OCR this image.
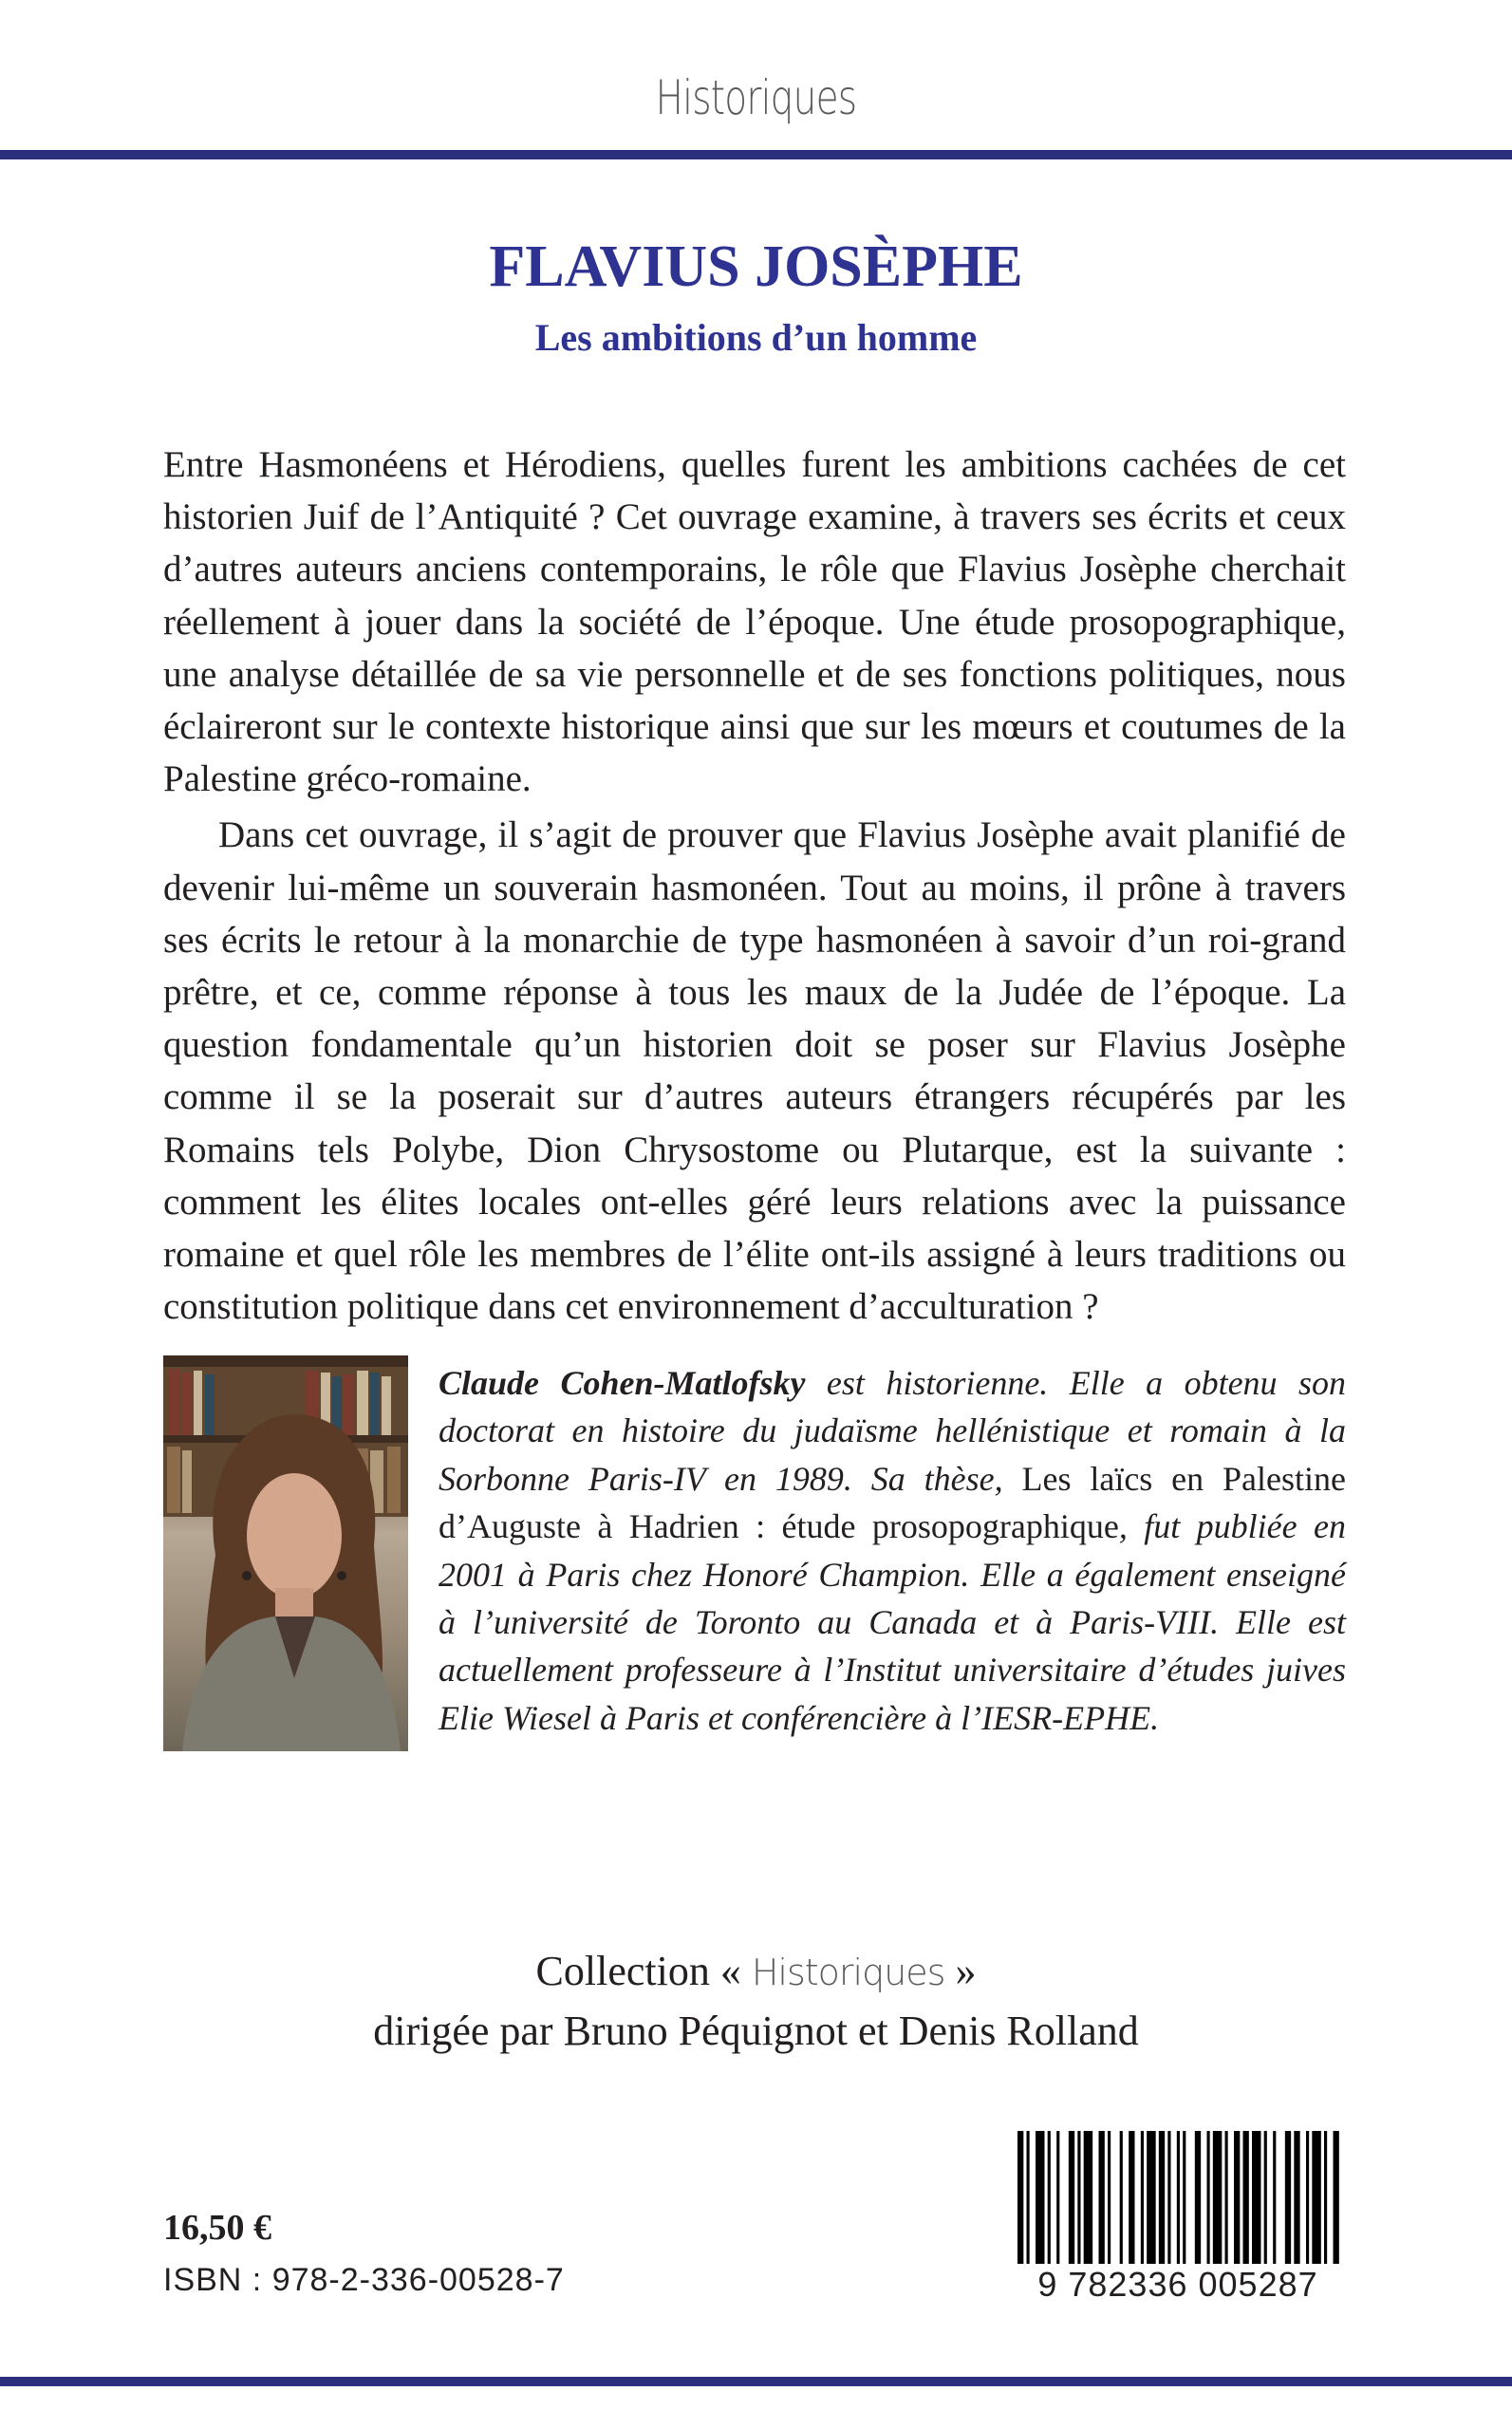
Historiques
FLAVIUS JOSÈPHE
Les ambitions d’un homme

Entre Hasmonéens et Hérodiens, quelles furent les ambitions cachées de cet historien Juif de l’Antiquité ? Cet ouvrage examine, à travers ses écrits et ceux d’autres auteurs anciens contemporains, le rôle que Flavius Josèphe cherchait réellement à jouer dans la société de l’époque. Une étude prosopographique, une analyse détaillée de sa vie personnelle et de ses fonctions politiques, nous éclaireront sur le contexte historique ainsi que sur les mœurs et coutumes de la Palestine gréco-romaine.

Dans cet ouvrage, il s’agit de prouver que Flavius Josèphe avait planifié de devenir lui-même un souverain hasmonéen. Tout au moins, il prône à travers ses écrits le retour à la monarchie de type hasmonéen à savoir d’un roi-grand prêtre, et ce, comme réponse à tous les maux de la Judée de l’époque. La question fondamentale qu’un historien doit se poser sur Flavius Josèphe comme il se la poserait sur d’autres auteurs étrangers récupérés par les Romains tels Polybe, Dion Chrysostome ou Plutarque, est la suivante : comment les élites locales ont-elles géré leurs relations avec la puissance romaine et quel rôle les membres de l’élite ont-ils assigné à leurs traditions ou constitution politique dans cet environnement d’acculturation ?

Claude Cohen-Matlofsky est historienne. Elle a obtenu son doctorat en histoire du judaïsme hellénistique et romain à la Sorbonne Paris-IV en 1989. Sa thèse, Les laïcs en Palestine d’Auguste à Hadrien : étude prosopographique, fut publiée en 2001 à Paris chez Honoré Champion. Elle a également enseigné à l’université de Toronto au Canada et à Paris-VIII. Elle est actuellement professeure à l’Institut universitaire d’études juives Elie Wiesel à Paris et conférencière à l’IESR-EPHE.

Collection « Historiques »
dirigée par Bruno Péquignot et Denis Rolland
16,50 €
ISBN : 978-2-336-00528-7	9 782336 005287
